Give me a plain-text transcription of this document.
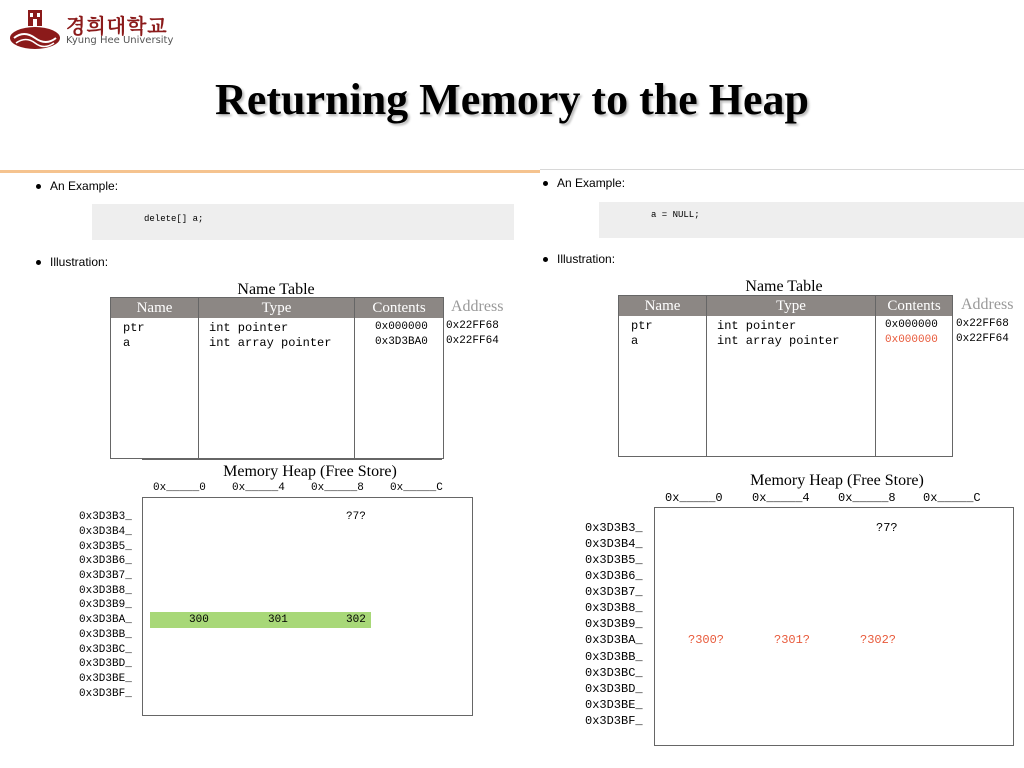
경희대학교
Kyung Hee University
Returning Memory to the Heap
An Example:
delete[] a;
Illustration:
Name Table
Name	Type	Contents
ptr	int pointer	0x000000
a	int array pointer	0x3D3BA0
Address
0x22FF68
0x22FF64
Memory Heap (Free Store)
0x_____0 0x_____4 0x_____8 0x_____C
0x3D3B3_
0x3D3B4_
0x3D3B5_
0x3D3B6_
0x3D3B7_
0x3D3B8_
0x3D3B9_
0x3D3BA_
0x3D3BB_
0x3D3BC_
0x3D3BD_
0x3D3BE_
0x3D3BF_
?7?
300	301	302
An Example:
a = NULL;
Illustration:
Name Table
Name	Type	Contents
ptr	int pointer	0x000000
a	int array pointer	0x000000
Address
0x22FF68
0x22FF64
Memory Heap (Free Store)
0x_____0 0x_____4 0x_____8 0x_____C
0x3D3B3_
0x3D3B4_
0x3D3B5_
0x3D3B6_
0x3D3B7_
0x3D3B8_
0x3D3B9_
0x3D3BA_
0x3D3BB_
0x3D3BC_
0x3D3BD_
0x3D3BE_
0x3D3BF_
?7?
?300?	?301?	?302?
